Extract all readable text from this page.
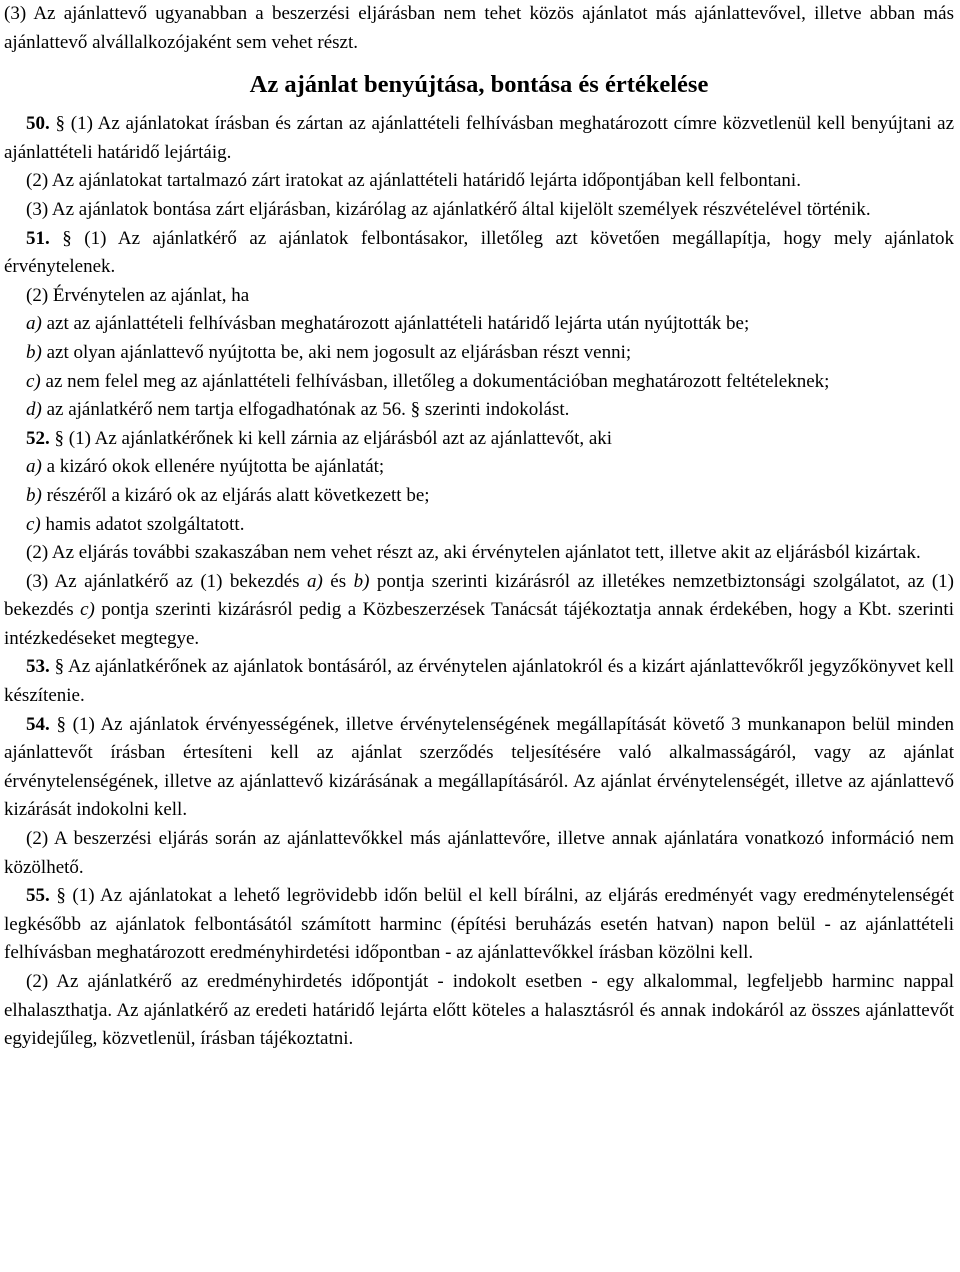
(3) Az ajánlattevő ugyanabban a beszerzési eljárásban nem tehet közös ajánlatot más ajánlattevővel, illetve abban más ajánlattevő alvállalkozójaként sem vehet részt.

Az ajánlat benyújtása, bontása és értékelése

50. § (1) Az ajánlatokat írásban és zártan az ajánlattételi felhívásban meghatározott címre közvetlenül kell benyújtani az ajánlattételi határidő lejártáig.

(2) Az ajánlatokat tartalmazó zárt iratokat az ajánlattételi határidő lejárta időpontjában kell felbontani.

(3) Az ajánlatok bontása zárt eljárásban, kizárólag az ajánlatkérő által kijelölt személyek részvételével történik.

51. § (1) Az ajánlatkérő az ajánlatok felbontásakor, illetőleg azt követően megállapítja, hogy mely ajánlatok érvénytelenek.

(2) Érvénytelen az ajánlat, ha

a) azt az ajánlattételi felhívásban meghatározott ajánlattételi határidő lejárta után nyújtották be;

b) azt olyan ajánlattevő nyújtotta be, aki nem jogosult az eljárásban részt venni;

c) az nem felel meg az ajánlattételi felhívásban, illetőleg a dokumentációban meghatározott feltételeknek;

d) az ajánlatkérő nem tartja elfogadhatónak az 56. § szerinti indokolást.

52. § (1) Az ajánlatkérőnek ki kell zárnia az eljárásból azt az ajánlattevőt, aki

a) a kizáró okok ellenére nyújtotta be ajánlatát;

b) részéről a kizáró ok az eljárás alatt következett be;

c) hamis adatot szolgáltatott.

(2) Az eljárás további szakaszában nem vehet részt az, aki érvénytelen ajánlatot tett, illetve akit az eljárásból kizártak.

(3) Az ajánlatkérő az (1) bekezdés a) és b) pontja szerinti kizárásról az illetékes nemzetbiztonsági szolgálatot, az (1) bekezdés c) pontja szerinti kizárásról pedig a Közbeszerzések Tanácsát tájékoztatja annak érdekében, hogy a Kbt. szerinti intézkedéseket megtegye.

53. § Az ajánlatkérőnek az ajánlatok bontásáról, az érvénytelen ajánlatokról és a kizárt ajánlattevőkről jegyzőkönyvet kell készítenie.

54. § (1) Az ajánlatok érvényességének, illetve érvénytelenségének megállapítását követő 3 munkanapon belül minden ajánlattevőt írásban értesíteni kell az ajánlat szerződés teljesítésére való alkalmasságáról, vagy az ajánlat érvénytelenségének, illetve az ajánlattevő kizárásának a megállapításáról. Az ajánlat érvénytelenségét, illetve az ajánlattevő kizárását indokolni kell.

(2) A beszerzési eljárás során az ajánlattevőkkel más ajánlattevőre, illetve annak ajánlatára vonatkozó információ nem közölhető.

55. § (1) Az ajánlatokat a lehető legrövidebb időn belül el kell bírálni, az eljárás eredményét vagy eredménytelenségét legkésőbb az ajánlatok felbontásától számított harminc (építési beruházás esetén hatvan) napon belül - az ajánlattételi felhívásban meghatározott eredményhirdetési időpontban - az ajánlattevőkkel írásban közölni kell.

(2) Az ajánlatkérő az eredményhirdetés időpontját - indokolt esetben - egy alkalommal, legfeljebb harminc nappal elhalaszthatja. Az ajánlatkérő az eredeti határidő lejárta előtt köteles a halasztásról és annak indokáról az összes ajánlattevőt egyidejűleg, közvetlenül, írásban tájékoztatni.
